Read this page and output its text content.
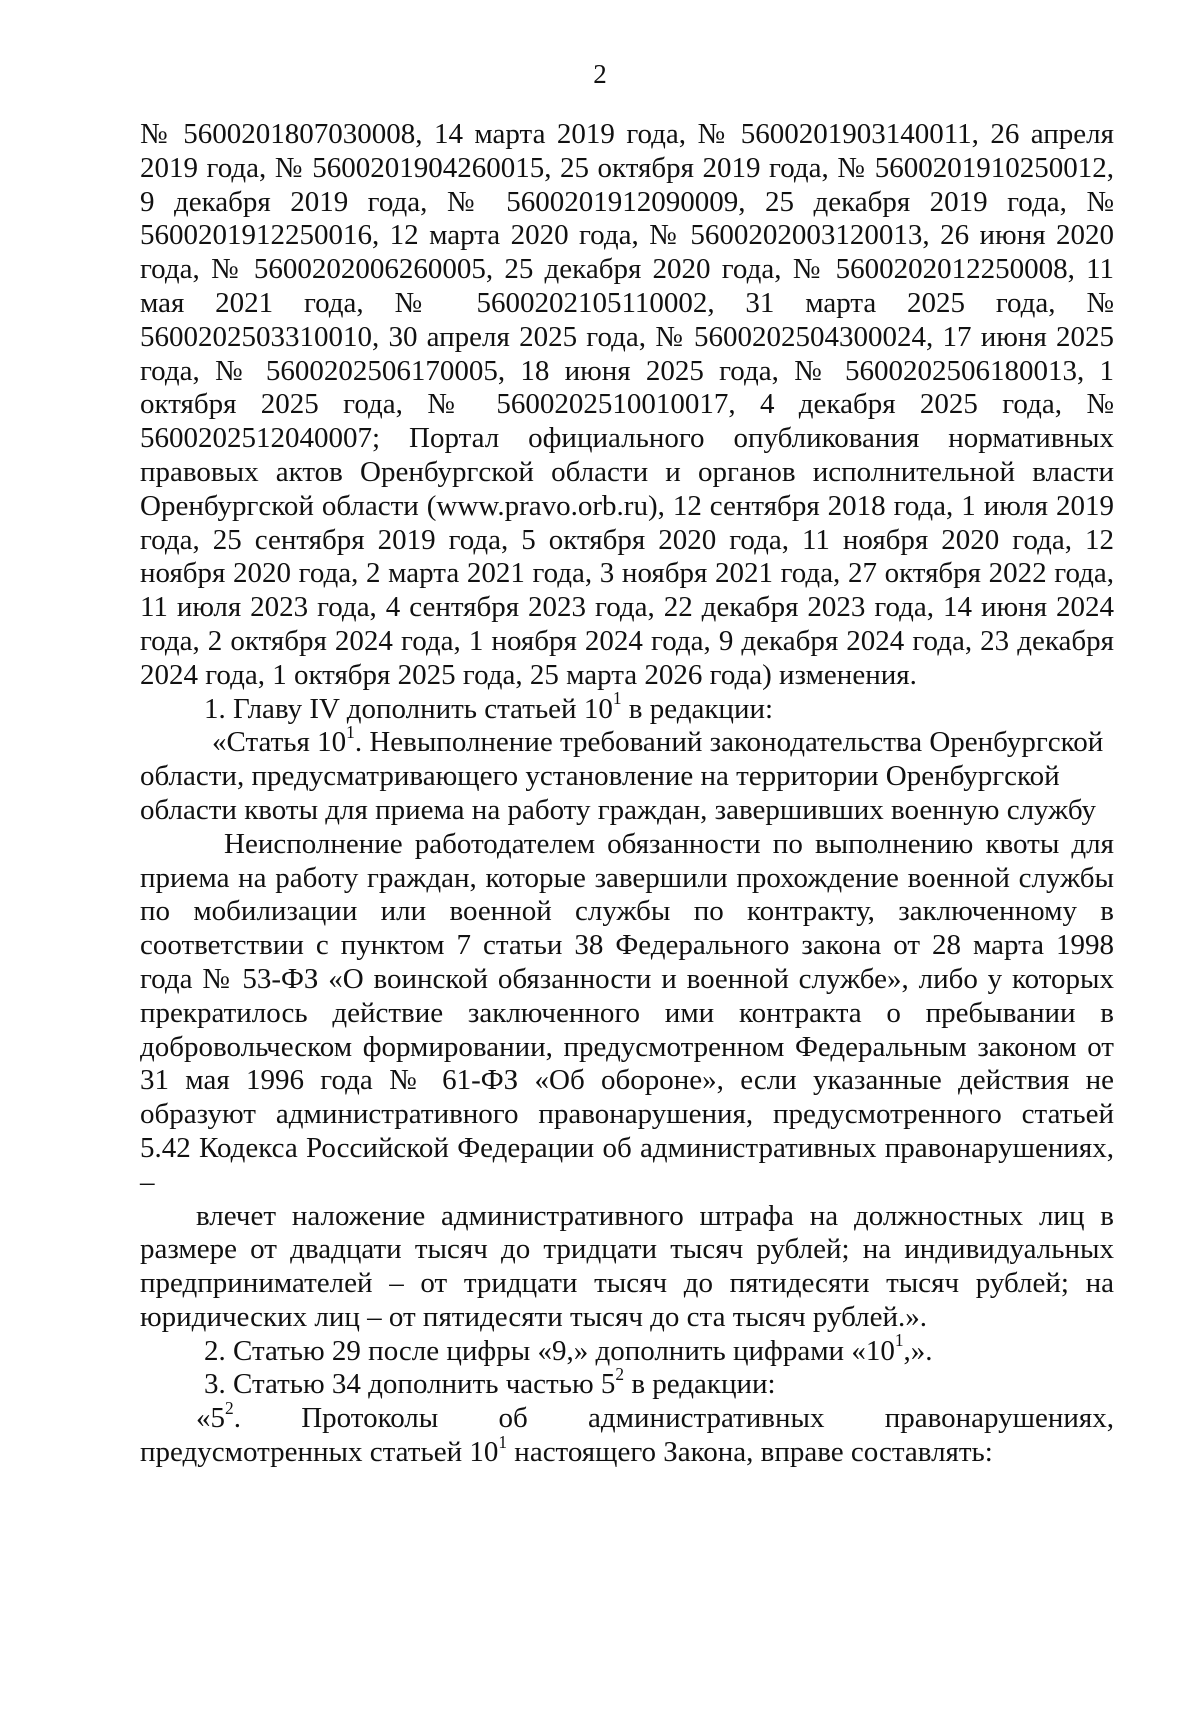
2

№ 5600201807030008, 14 марта 2019 года, № 5600201903140011, 26 апреля 2019 года, № 5600201904260015, 25 октября 2019 года, № 5600201910250012, 9 декабря 2019 года, № 5600201912090009, 25 декабря 2019 года, № 5600201912250016, 12 марта 2020 года, № 5600202003120013, 26 июня 2020 года, № 5600202006260005, 25 декабря 2020 года, № 5600202012250008, 11 мая 2021 года, № 5600202105110002, 31 марта 2025 года, № 5600202503310010, 30 апреля 2025 года, № 5600202504300024, 17 июня 2025 года, № 5600202506170005, 18 июня 2025 года, № 5600202506180013, 1 октября 2025 года, № 5600202510010017, 4 декабря 2025 года, № 5600202512040007; Портал официального опубликования нормативных правовых актов Оренбургской области и органов исполнительной власти Оренбургской области (www.pravo.orb.ru), 12 сентября 2018 года, 1 июля 2019 года, 25 сентября 2019 года, 5 октября 2020 года, 11 ноября 2020 года, 12 ноября 2020 года, 2 марта 2021 года, 3 ноября 2021 года, 27 октября 2022 года, 11 июля 2023 года, 4 сентября 2023 года, 22 декабря 2023 года, 14 июня 2024 года, 2 октября 2024 года, 1 ноября 2024 года, 9 декабря 2024 года, 23 декабря 2024 года, 1 октября 2025 года, 25 марта 2026 года) изменения.

1. Главу IV дополнить статьей $10^1$ в редакции:

«Статья $10^1$. Невыполнение требований законодательства Оренбургской области, предусматривающего установление на территории Оренбургской области квоты для приема на работу граждан, завершивших военную службу

Неисполнение работодателем обязанности по выполнению квоты для приема на работу граждан, которые завершили прохождение военной службы по мобилизации или военной службы по контракту, заключенному в соответствии с пунктом 7 статьи 38 Федерального закона от 28 марта 1998 года № 53-ФЗ «О воинской обязанности и военной службе», либо у которых прекратилось действие заключенного ими контракта о пребывании в добровольческом формировании, предусмотренном Федеральным законом от 31 мая 1996 года № 61-ФЗ «Об обороне», если указанные действия не образуют административного правонарушения, предусмотренного статьей 5.42 Кодекса Российской Федерации об административных правонарушениях, –

влечет наложение административного штрафа на должностных лиц в размере от двадцати тысяч до тридцати тысяч рублей; на индивидуальных предпринимателей – от тридцати тысяч до пятидесяти тысяч рублей; на юридических лиц – от пятидесяти тысяч до ста тысяч рублей.».

2. Статью 29 после цифры «9,» дополнить цифрами «$10^1$,».

3. Статью 34 дополнить частью $5^2$ в редакции:

«$5^2$. Протоколы об административных правонарушениях, предусмотренных статьей $10^1$ настоящего Закона, вправе составлять:
